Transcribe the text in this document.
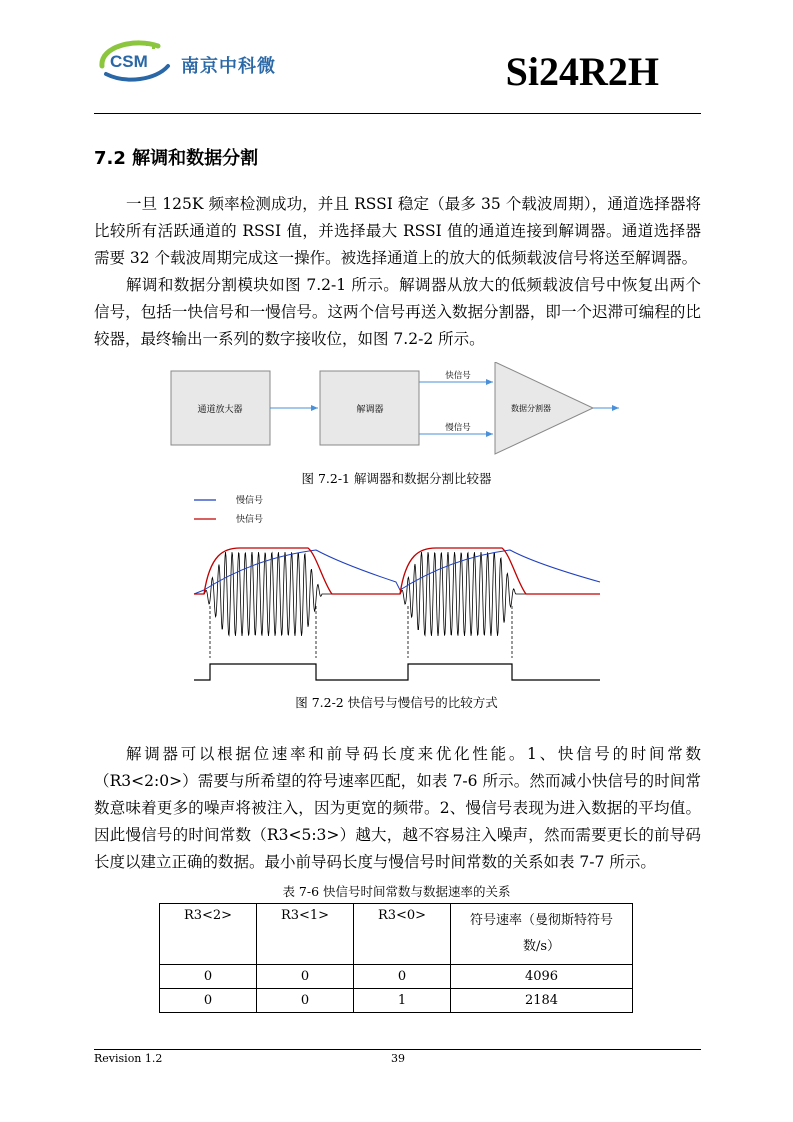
CSM 南京中科微	Si24R2H
7.2 解调和数据分割

一旦 125K 频率检测成功，并且 RSSI 稳定（最多 35 个载波周期），通道选择器将比较所有活跃通道的 RSSI 值，并选择最大 RSSI 值的通道连接到解调器。通道选择器需要 32 个载波周期完成这一操作。被选择通道上的放大的低频载波信号将送至解调器。

解调和数据分割模块如图 7.2-1 所示。解调器从放大的低频载波信号中恢复出两个信号，包括一快信号和一慢信号。这两个信号再送入数据分割器，即一个迟滞可编程的比较器，最终输出一系列的数字接收位，如图 7.2-2 所示。

通道放大器	解调器
快信号
慢信号
数据分割器
图 7.2-1 解调器和数据分割比较器
慢信号
快信号
图 7.2-2 快信号与慢信号的比较方式

解调器可以根据位速率和前导码长度来优化性能。1、快信号的时间常数（R3<2:0>）需要与所希望的符号速率匹配，如表 7-6 所示。然而减小快信号的时间常数意味着更多的噪声将被注入，因为更宽的频带。2、慢信号表现为进入数据的平均值。因此慢信号的时间常数（R3<5:3>）越大，越不容易注入噪声，然而需要更长的前导码长度以建立正确的数据。最小前导码长度与慢信号时间常数的关系如表 7-7 所示。

表 7-6 快信号时间常数与数据速率的关系
R3<2>	R3<1>	R3<0>	符号速率（曼彻斯特符号数/s）
0	0	0	4096
0	0	1	2184
Revision 1.2	39
